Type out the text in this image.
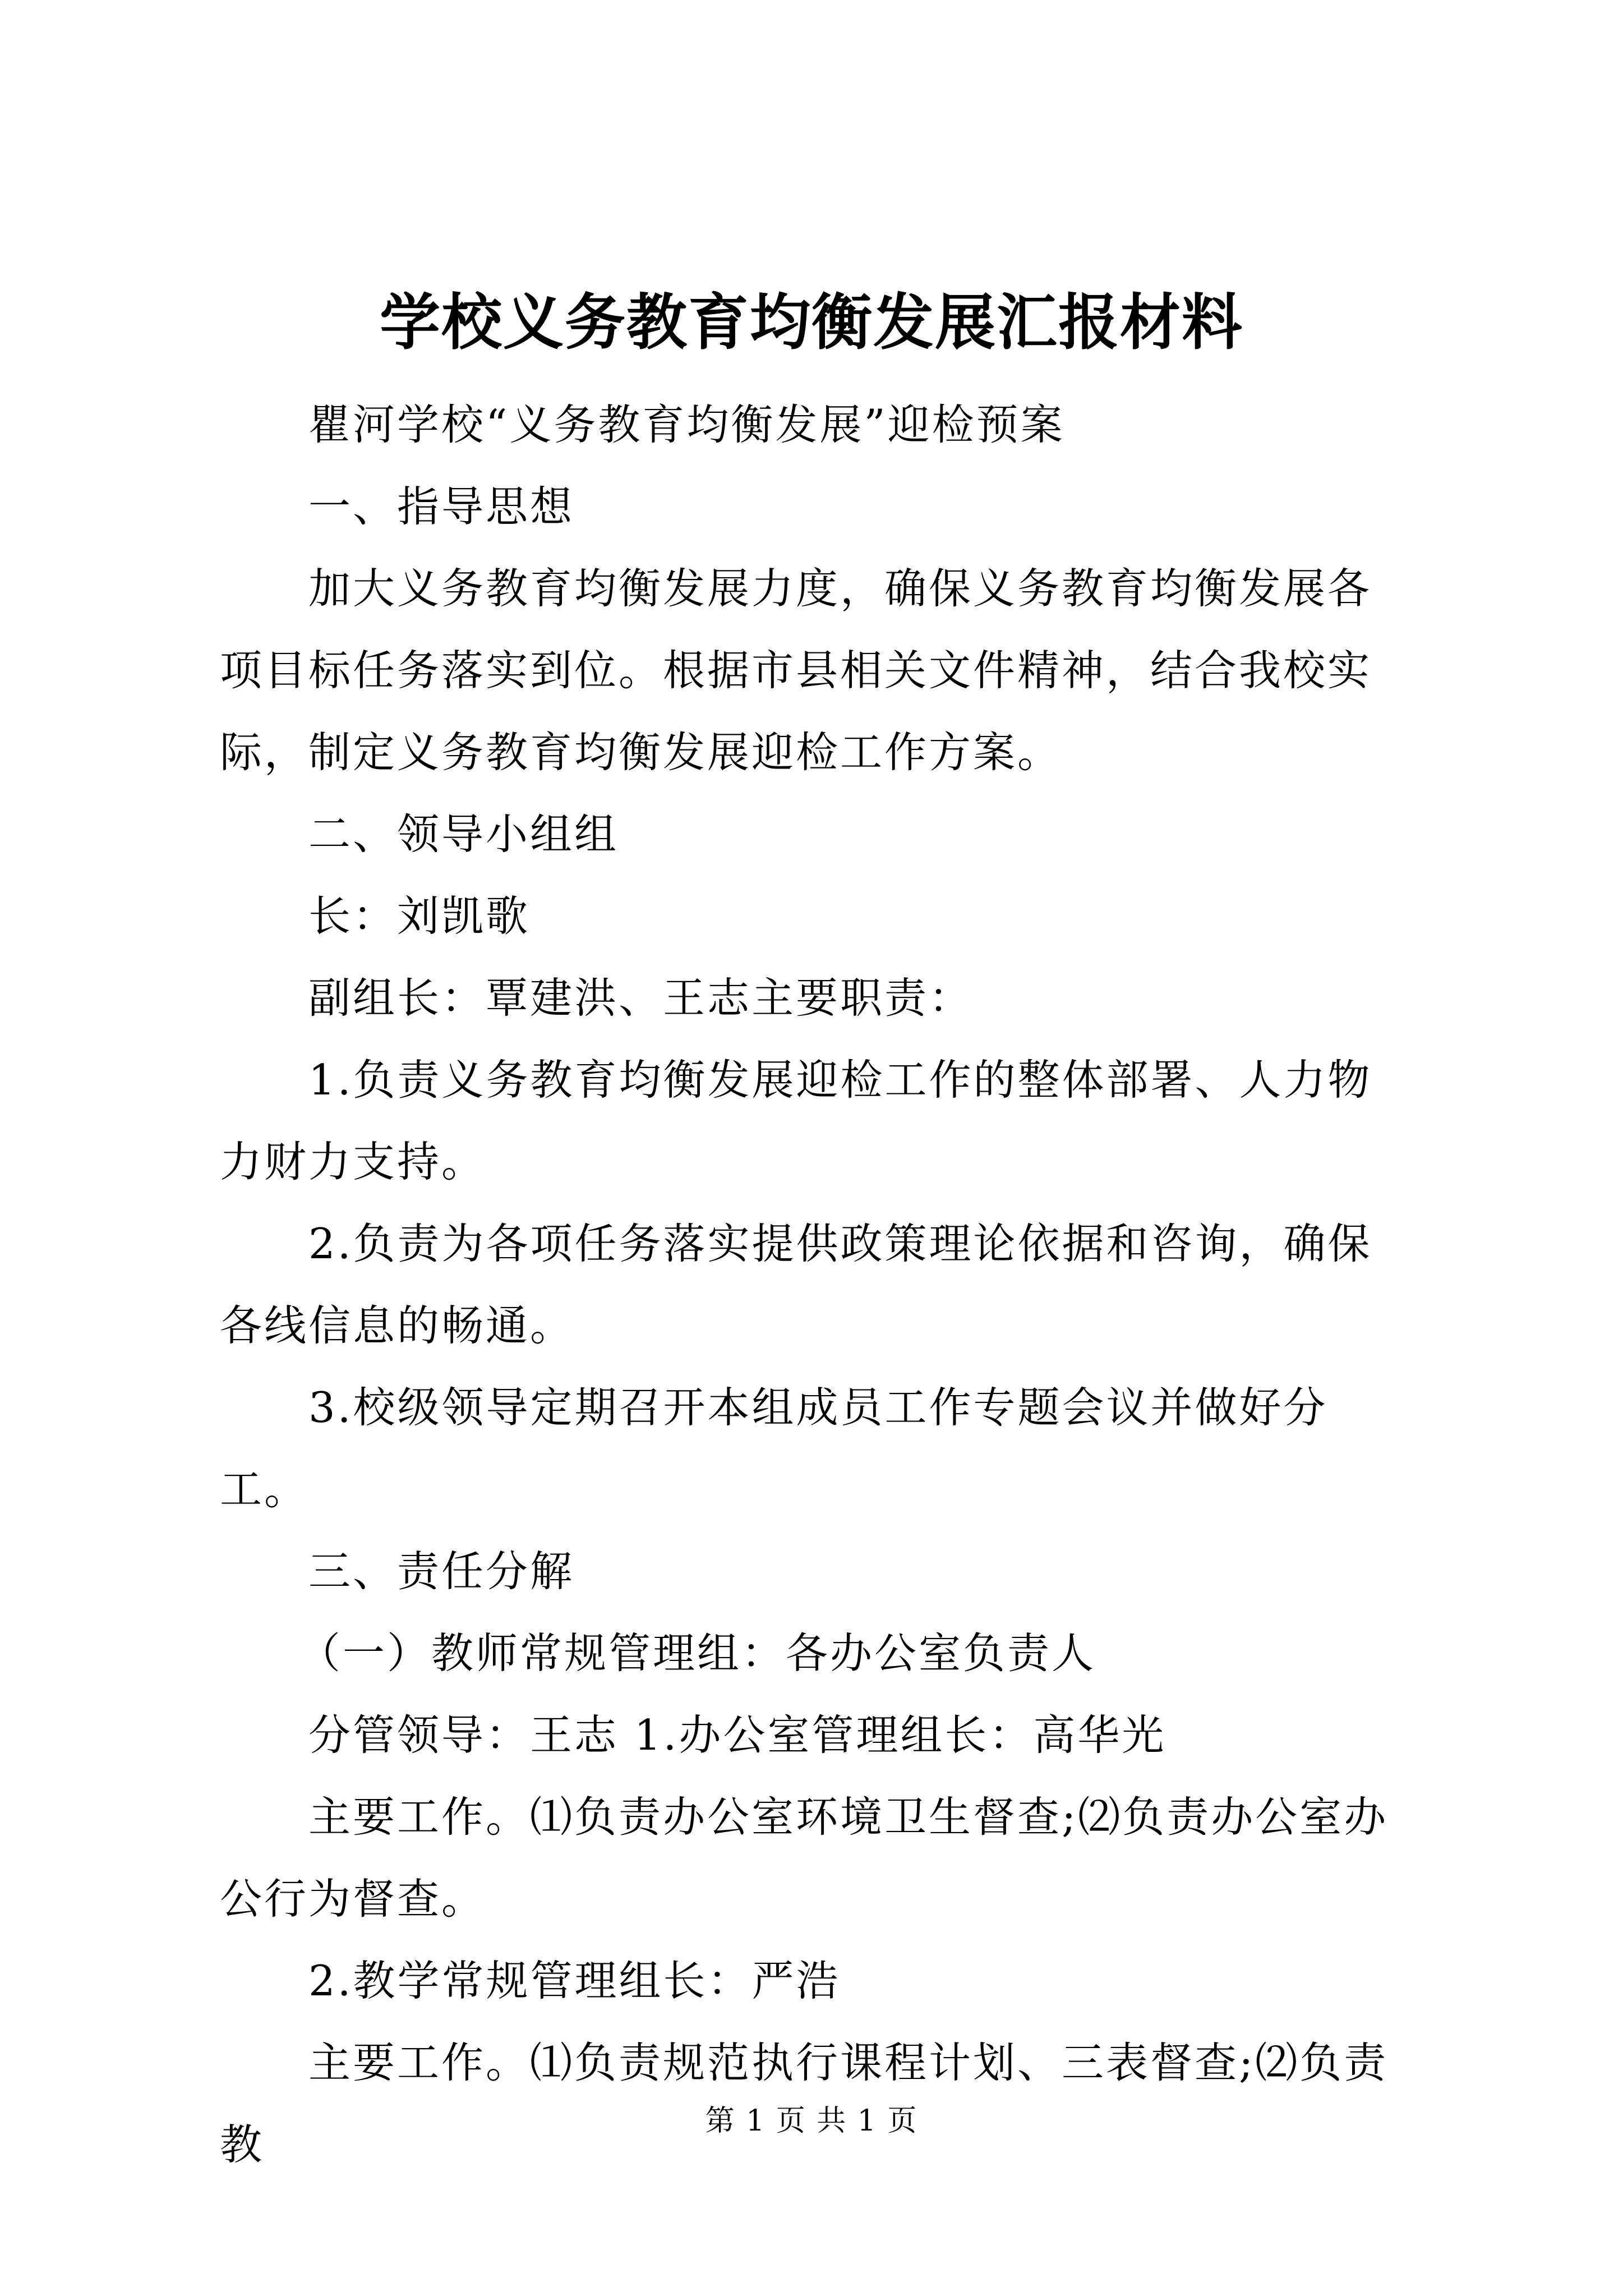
学校义务教育均衡发展汇报材料

瞿河学校“义务教育均衡发展”迎检预案

一、指导思想

加大义务教育均衡发展力度，确保义务教育均衡发展各项目标任务落实到位。根据市县相关文件精神，结合我校实际，制定义务教育均衡发展迎检工作方案。

二、领导小组组

长：刘凯歌

副组长：覃建洪、王志主要职责：

1.负责义务教育均衡发展迎检工作的整体部署、人力物力财力支持。

2.负责为各项任务落实提供政策理论依据和咨询，确保各线信息的畅通。

3.校级领导定期召开本组成员工作专题会议并做好分工。

三、责任分解

（一）教师常规管理组：各办公室负责人

分管领导：王志 1.办公室管理组长：高华光

主要工作。⑴负责办公室环境卫生督查;⑵负责办公室办公行为督查。

2.教学常规管理组长：严浩

主要工作。⑴负责规范执行课程计划、三表督查;⑵负责教	第 1 页 共 1 页
